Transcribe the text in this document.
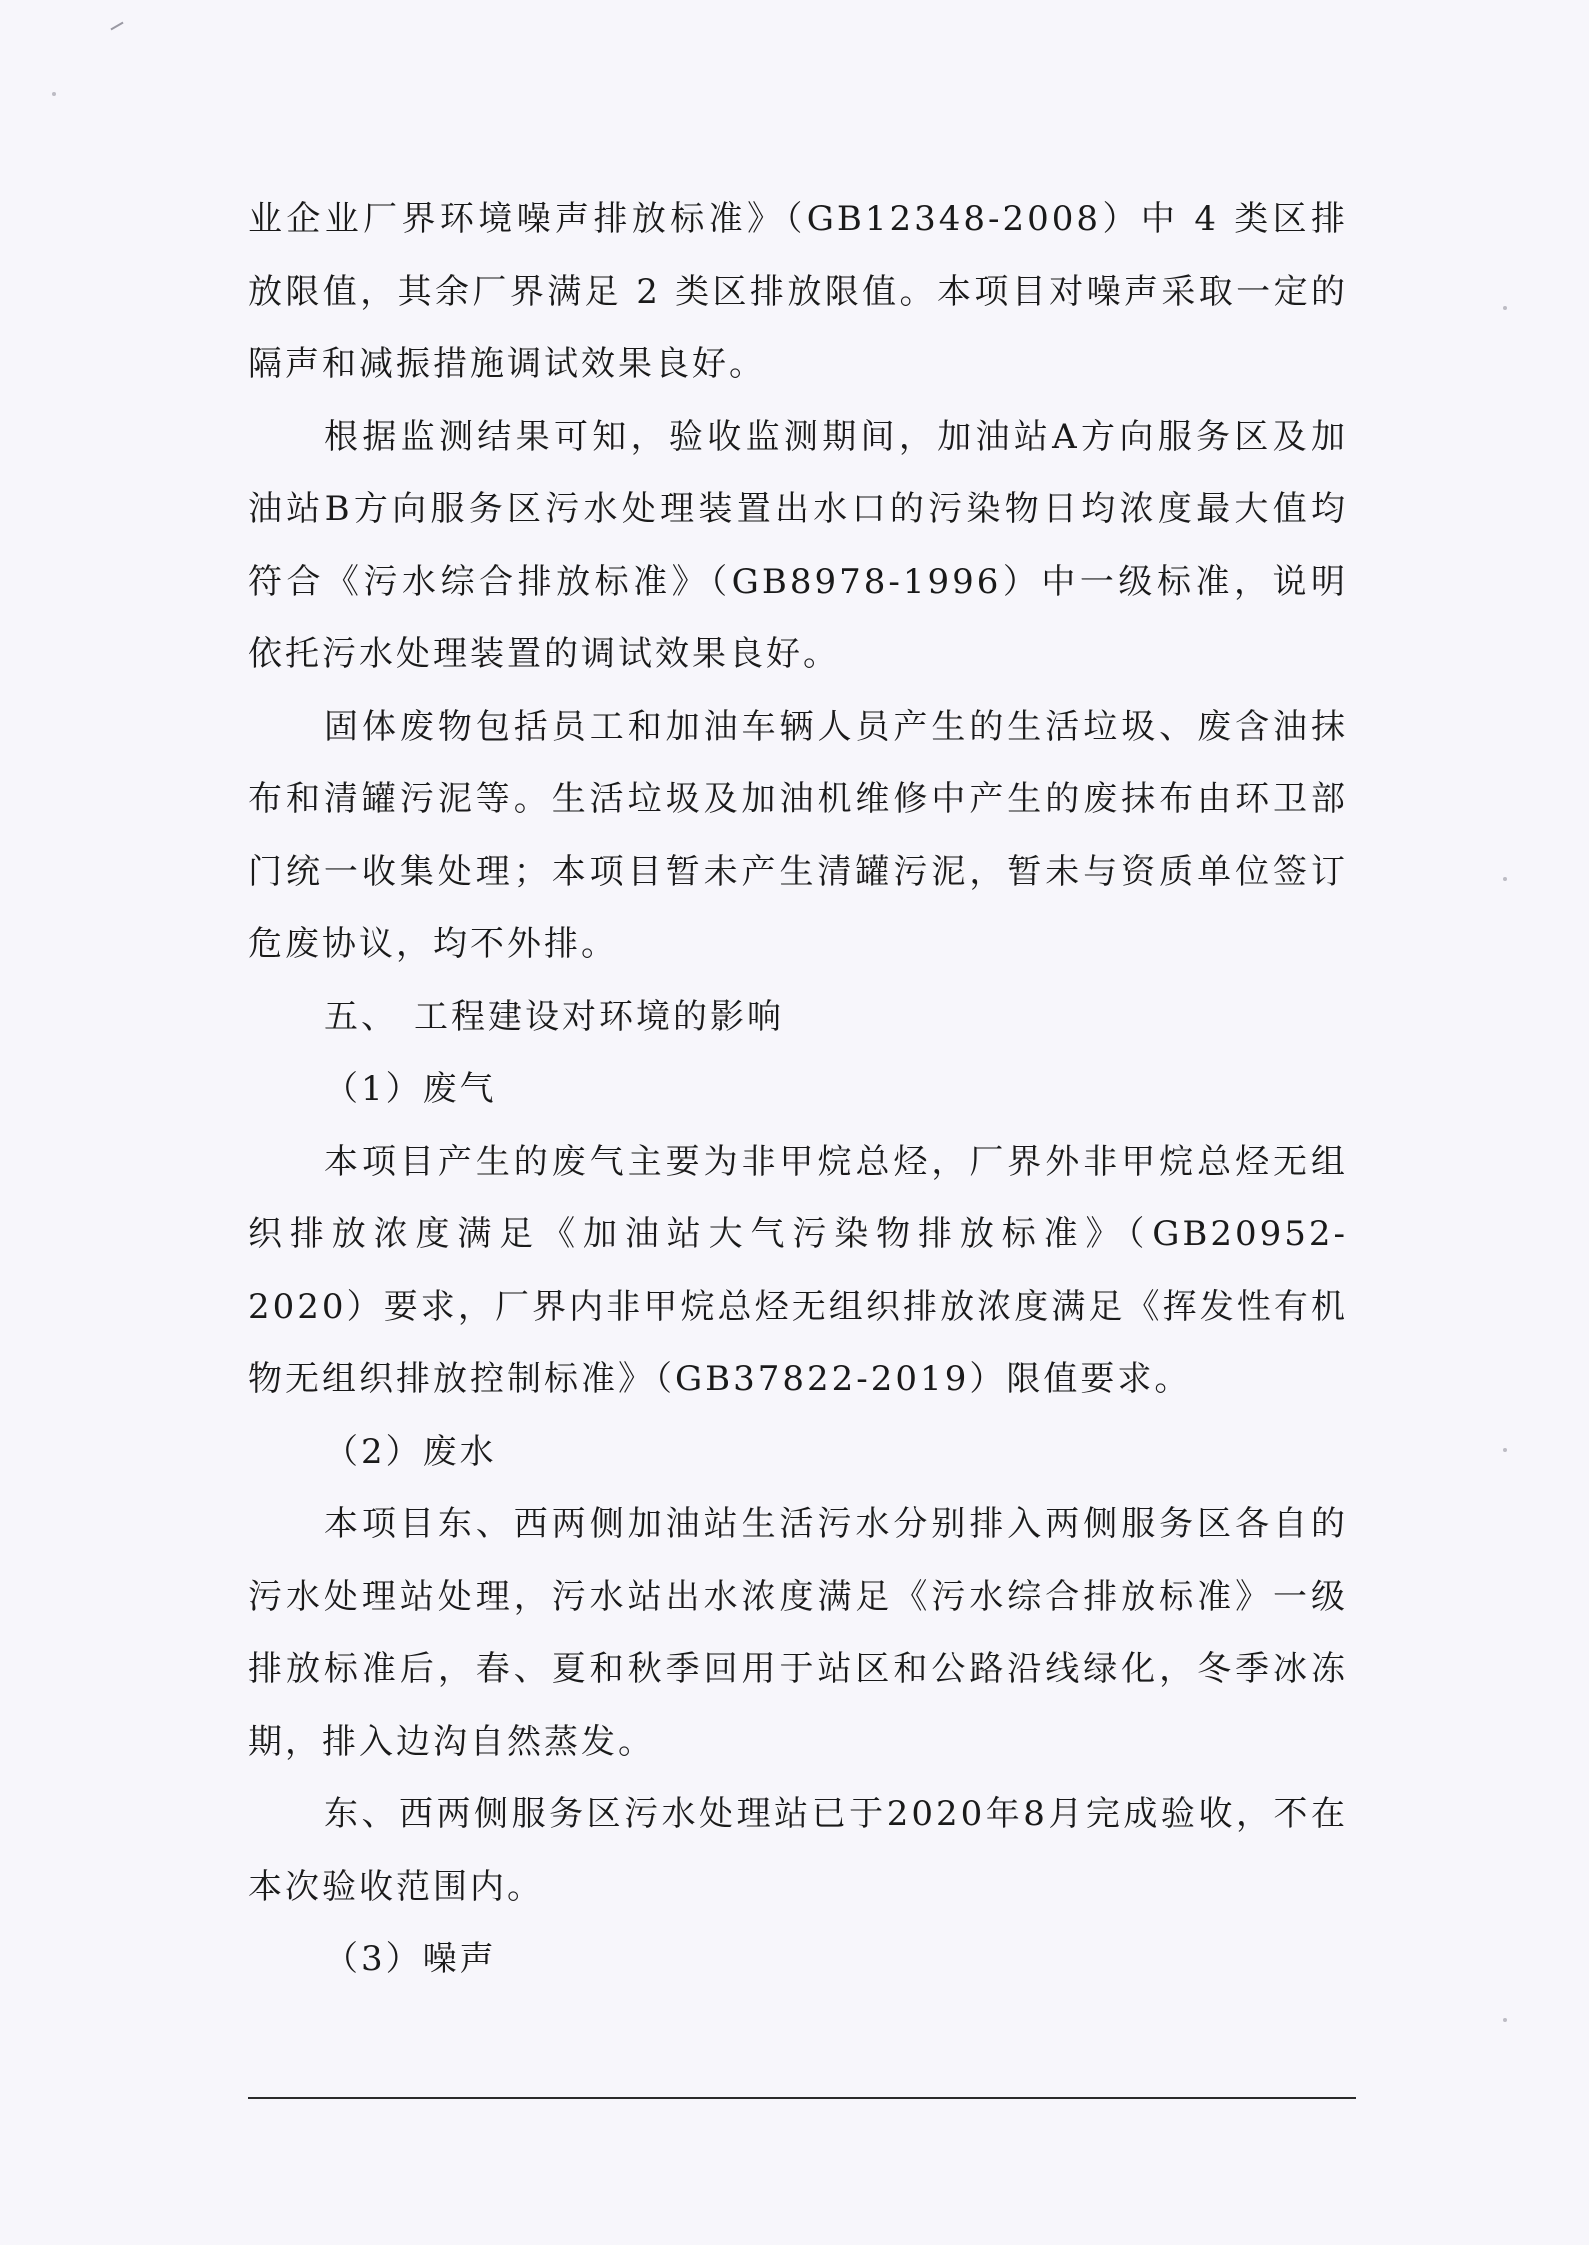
业企业厂界环境噪声排放标准》（GB12348-2008）中 4 类区排放限值，其余厂界满足 2 类区排放限值。本项目对噪声采取一定的隔声和减振措施调试效果良好。

根据监测结果可知，验收监测期间，加油站A方向服务区及加油站B方向服务区污水处理装置出水口的污染物日均浓度最大值均符合《污水综合排放标准》（GB8978-1996）中一级标准，说明依托污水处理装置的调试效果良好。

固体废物包括员工和加油车辆人员产生的生活垃圾、废含油抹布和清罐污泥等。生活垃圾及加油机维修中产生的废抹布由环卫部门统一收集处理；本项目暂未产生清罐污泥，暂未与资质单位签订危废协议，均不外排。

五、 工程建设对环境的影响

（1）废气

本项目产生的废气主要为非甲烷总烃，厂界外非甲烷总烃无组织排放浓度满足《加油站大气污染物排放标准》（GB20952-2020）要求，厂界内非甲烷总烃无组织排放浓度满足《挥发性有机物无组织排放控制标准》（GB37822-2019）限值要求。

（2）废水

本项目东、西两侧加油站生活污水分别排入两侧服务区各自的污水处理站处理，污水站出水浓度满足《污水综合排放标准》一级排放标准后，春、夏和秋季回用于站区和公路沿线绿化，冬季冰冻期，排入边沟自然蒸发。

东、西两侧服务区污水处理站已于2020年8月完成验收，不在本次验收范围内。

（3）噪声
